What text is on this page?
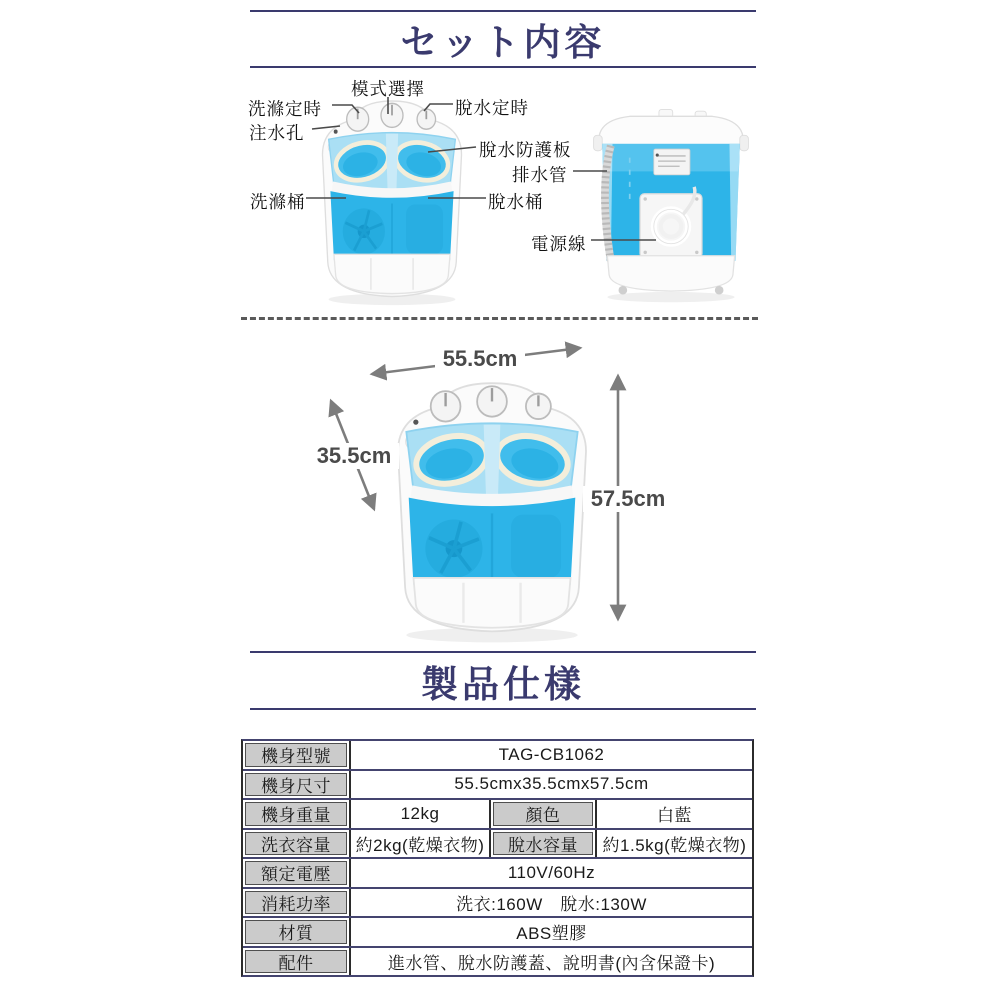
セット内容
模式選擇
洗滌定時	脫水定時
注水孔
脫水防護板
排水管
洗滌桶	脫水桶
電源線
55.5cm
35.5cm
57.5cm
製品仕樣
機身型號	TAG-CB1062
機身尺寸	55.5cmx35.5cmx57.5cm
機身重量	12kg	顏色	白藍
洗衣容量	約2kg(乾燥衣物)	脫水容量	約1.5kg(乾燥衣物)
額定電壓	110V/60Hz
消耗功率	洗衣:160W　脫水:130W
材質	ABS塑膠
配件	進水管、脫水防護蓋、說明書(內含保證卡)
